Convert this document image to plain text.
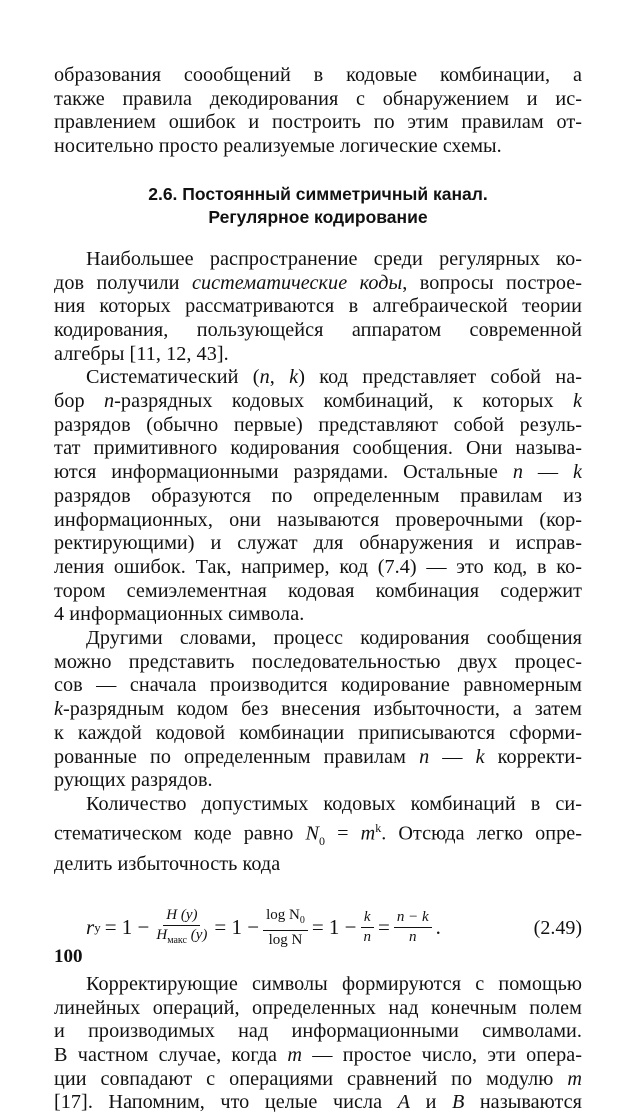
образования соообщений в кодовые комбинации, а
также правила декодирования с обнаружением и ис-
правлением ошибок и построить по этим правилам от-
носительно просто реализуемые логические схемы.
2.6. Постоянный симметричный канал.
Регулярное кодирование
Наибольшее распространение среди регулярных ко-
дов получили систематические коды, вопросы построе-
ния которых рассматриваются в алгебраической теории
кодирования, пользующейся аппаратом современной
алгебры [11, 12, 43].
Систематический (n, k) код представляет собой на-
бор n-разрядных кодовых комбинаций, к которых k
разрядов (обычно первые) представляют собой резуль-
тат примитивного кодирования сообщения. Они называ-
ются информационными разрядами. Остальные n — k
разрядов образуются по определенным правилам из
информационных, они называются проверочными (кор-
ректирующими) и служат для обнаружения и исправ-
ления ошибок. Так, например, код (7.4) — это код, в ко-
тором семиэлементная кодовая комбинация содержит
4 информационных символа.
Другими словами, процесс кодирования сообщения
можно представить последовательностью двух процес-
сов — сначала производится кодирование равномерным
k-разрядным кодом без внесения избыточности, а затем
к каждой кодовой комбинации приписываются сформи-
рованные по определенным правилам n — k корректи-
рующих разрядов.
Количество допустимых кодовых комбинаций в си-
стематическом коде равно $N_0 = m^k$. Отсюда легко опре-
делить избыточность кода
r $y = 1 - \frac{H (y)}{H_{макс} (y)} = 1 - \frac{\log N_0}{\text{log N}} = 1 - \frac{k}{n} = \frac{n - k}{n}$ .	(2.49)
Корректирующие символы формируются с помощью
линейных операций, определенных над конечным полем
и производимых над информационными символами.
В частном случае, когда m — простое число, эти опера-
ции совпадают с операциями сравнений по модулю m
[17]. Напомним, что целые числа A и B называются
100
